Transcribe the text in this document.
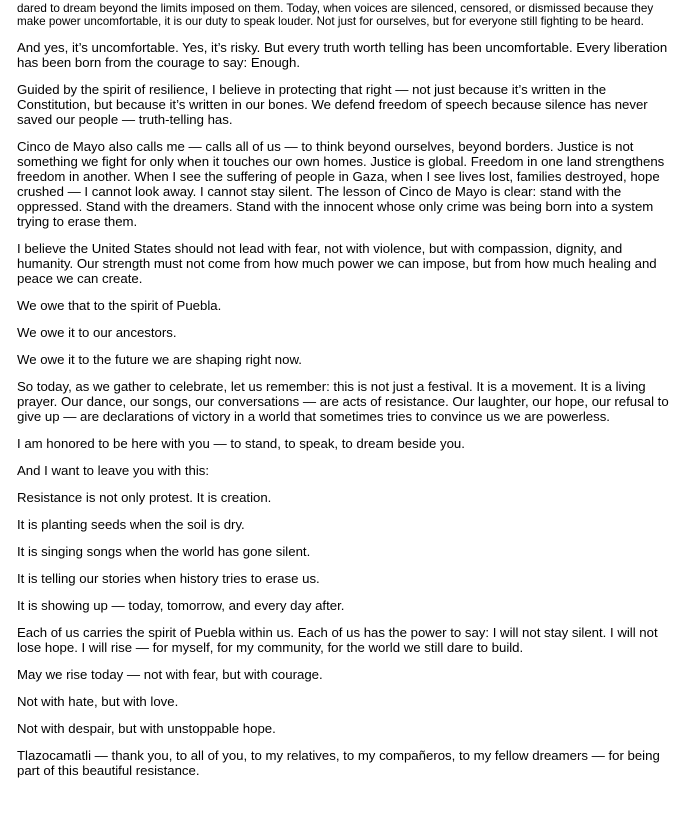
dared to dream beyond the limits imposed on them. Today, when voices are silenced, censored, or dismissed because they make power uncomfortable, it is our duty to speak louder. Not just for ourselves, but for everyone still fighting to be heard.

And yes, it’s uncomfortable. Yes, it’s risky. But every truth worth telling has been uncomfortable. Every liberation has been born from the courage to say: Enough.

Guided by the spirit of resilience, I believe in protecting that right — not just because it’s written in the Constitution, but because it’s written in our bones. We defend freedom of speech because silence has never saved our people — truth-telling has.

Cinco de Mayo also calls me — calls all of us — to think beyond ourselves, beyond borders. Justice is not something we fight for only when it touches our own homes. Justice is global. Freedom in one land strengthens freedom in another. When I see the suffering of people in Gaza, when I see lives lost, families destroyed, hope crushed — I cannot look away. I cannot stay silent. The lesson of Cinco de Mayo is clear: stand with the oppressed. Stand with the dreamers. Stand with the innocent whose only crime was being born into a system trying to erase them.

I believe the United States should not lead with fear, not with violence, but with compassion, dignity, and humanity. Our strength must not come from how much power we can impose, but from how much healing and peace we can create.

We owe that to the spirit of Puebla.

We owe it to our ancestors.

We owe it to the future we are shaping right now.

So today, as we gather to celebrate, let us remember: this is not just a festival. It is a movement. It is a living prayer. Our dance, our songs, our conversations — are acts of resistance. Our laughter, our hope, our refusal to give up — are declarations of victory in a world that sometimes tries to convince us we are powerless.

I am honored to be here with you — to stand, to speak, to dream beside you.

And I want to leave you with this:

Resistance is not only protest. It is creation.

It is planting seeds when the soil is dry.

It is singing songs when the world has gone silent.

It is telling our stories when history tries to erase us.

It is showing up — today, tomorrow, and every day after.

Each of us carries the spirit of Puebla within us. Each of us has the power to say: I will not stay silent. I will not lose hope. I will rise — for myself, for my community, for the world we still dare to build.

May we rise today — not with fear, but with courage.

Not with hate, but with love.

Not with despair, but with unstoppable hope.

Tlazocamatli — thank you, to all of you, to my relatives, to my compañeros, to my fellow dreamers — for being part of this beautiful resistance.
